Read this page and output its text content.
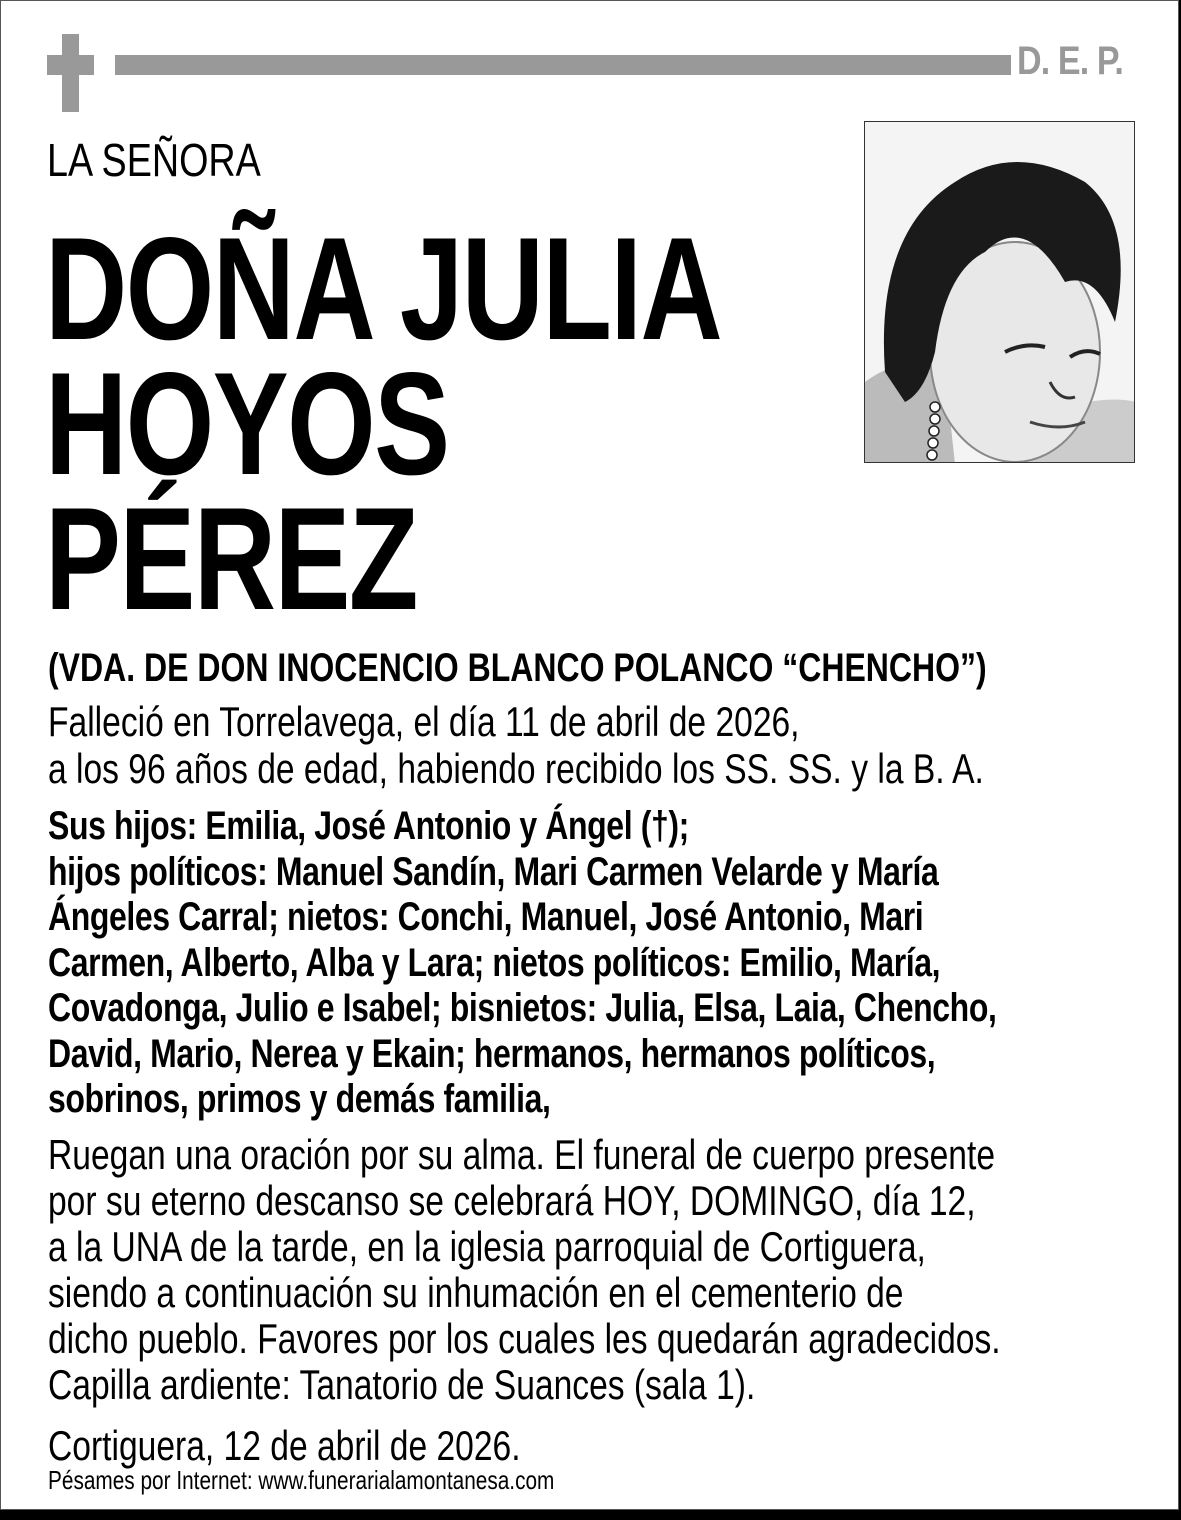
D. E. P.
LA SEÑORA
DOÑA JULIA
HOYOS
PÉREZ
(VDA. DE DON INOCENCIO BLANCO POLANCO “CHENCHO”)
Falleció en Torrelavega, el día 11 de abril de 2026,
a los 96 años de edad, habiendo recibido los SS. SS. y la B. A.
Sus hijos: Emilia, José Antonio y Ángel (†);
hijos políticos: Manuel Sandín, Mari Carmen Velarde y María
Ángeles Carral; nietos: Conchi, Manuel, José Antonio, Mari
Carmen, Alberto, Alba y Lara; nietos políticos: Emilio, María,
Covadonga, Julio e Isabel; bisnietos: Julia, Elsa, Laia, Chencho,
David, Mario, Nerea y Ekain; hermanos, hermanos políticos,
sobrinos, primos y demás familia,
Ruegan una oración por su alma. El funeral de cuerpo presente
por su eterno descanso se celebrará HOY, DOMINGO, día 12,
a la UNA de la tarde, en la iglesia parroquial de Cortiguera,
siendo a continuación su inhumación en el cementerio de
dicho pueblo. Favores por los cuales les quedarán agradecidos.
Capilla ardiente: Tanatorio de Suances (sala 1).
Cortiguera, 12 de abril de 2026.
Pésames por Internet: www.funerarialamontanesa.com
